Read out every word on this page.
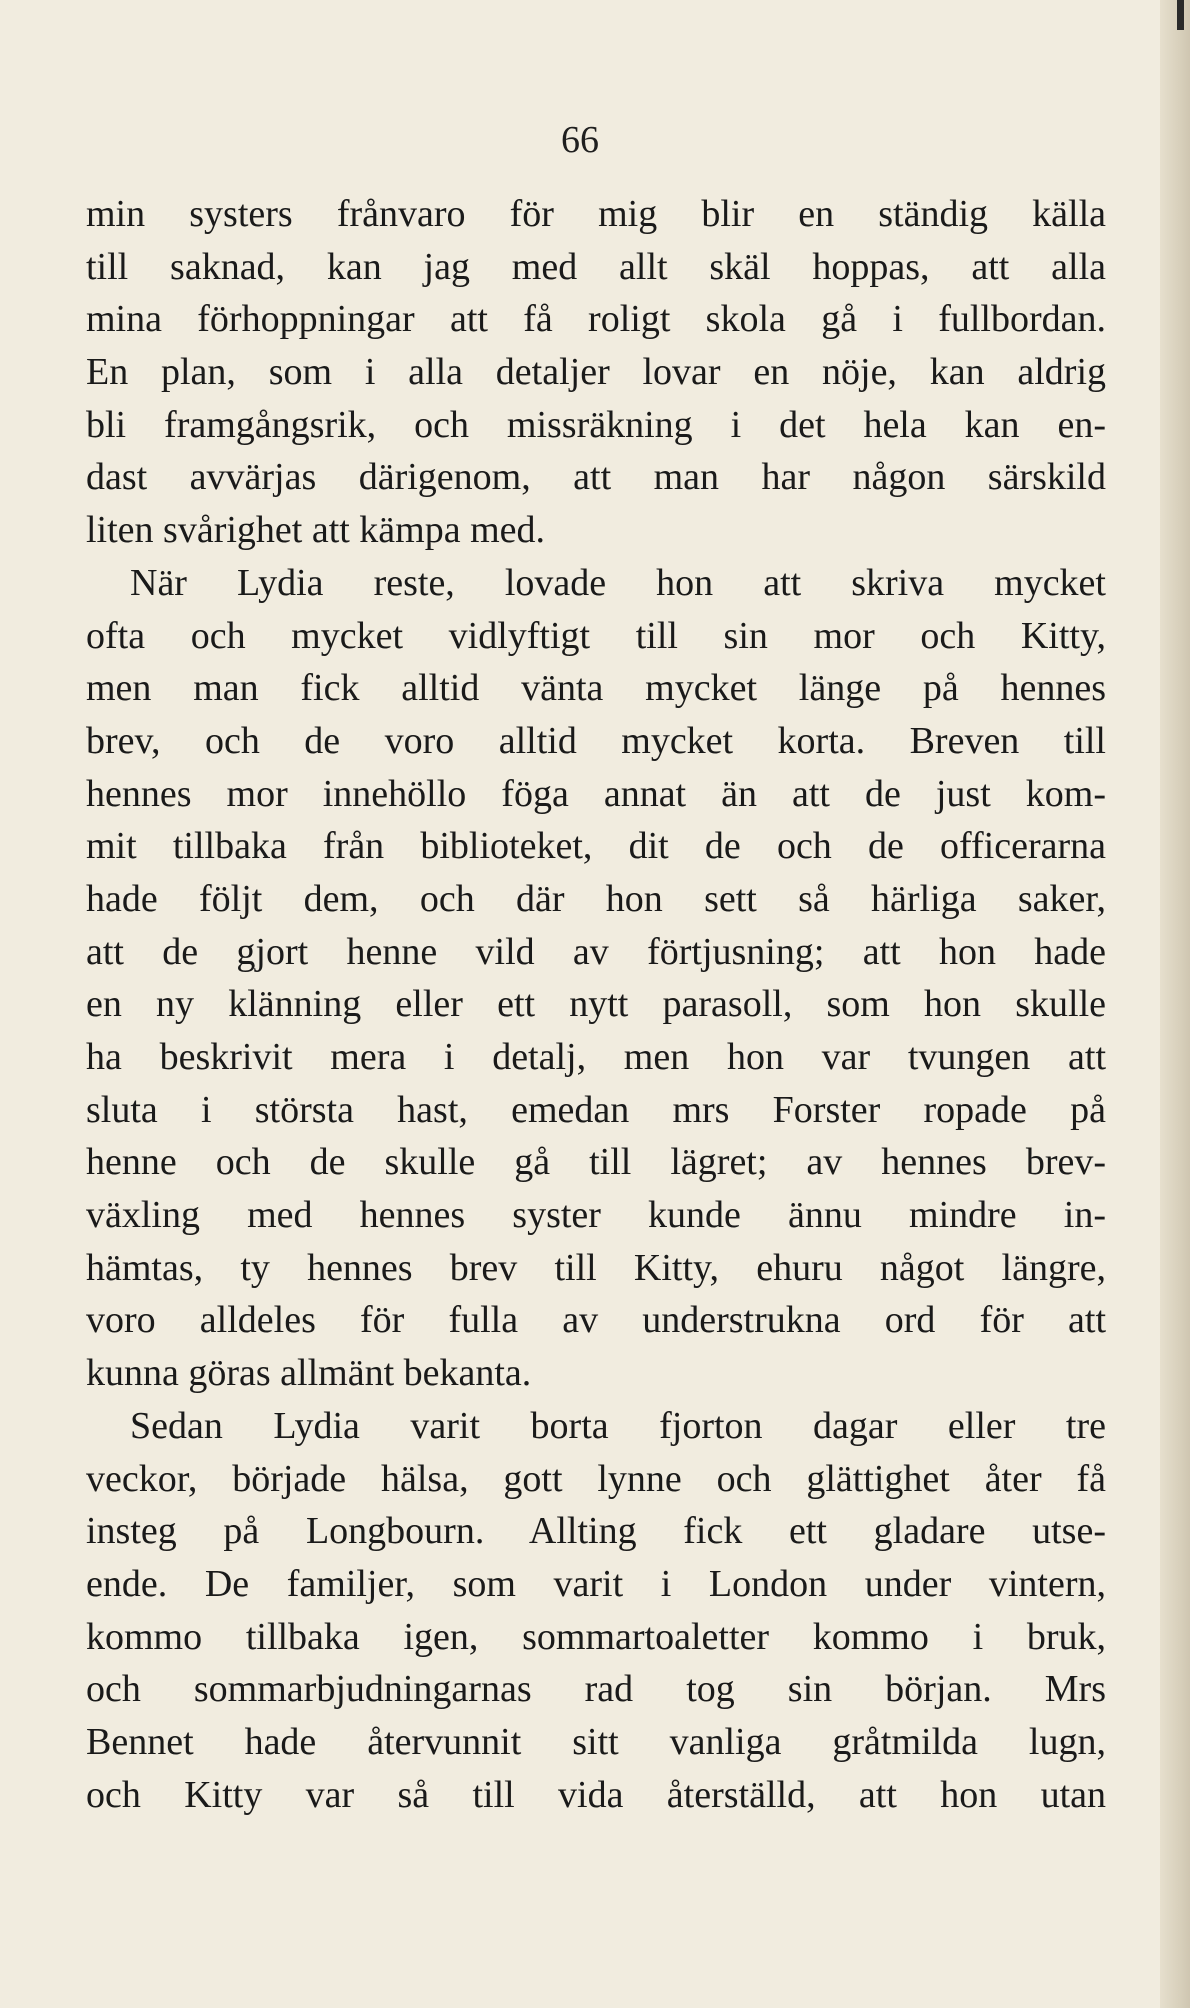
66
min systers frånvaro för mig blir en ständig källa
till saknad, kan jag med allt skäl hoppas, att alla
mina förhoppningar att få roligt skola gå i fullbordan.
En plan, som i alla detaljer lovar en nöje, kan aldrig
bli framgångsrik, och missräkning i det hela kan en-
dast avvärjas därigenom, att man har någon särskild
liten svårighet att kämpa med.
När Lydia reste, lovade hon att skriva mycket
ofta och mycket vidlyftigt till sin mor och Kitty,
men man fick alltid vänta mycket länge på hennes
brev, och de voro alltid mycket korta. Breven till
hennes mor innehöllo föga annat än att de just kom-
mit tillbaka från biblioteket, dit de och de officerarna
hade följt dem, och där hon sett så härliga saker,
att de gjort henne vild av förtjusning; att hon hade
en ny klänning eller ett nytt parasoll, som hon skulle
ha beskrivit mera i detalj, men hon var tvungen att
sluta i största hast, emedan mrs Forster ropade på
henne och de skulle gå till lägret; av hennes brev-
växling med hennes syster kunde ännu mindre in-
hämtas, ty hennes brev till Kitty, ehuru något längre,
voro alldeles för fulla av understrukna ord för att
kunna göras allmänt bekanta.
Sedan Lydia varit borta fjorton dagar eller tre
veckor, började hälsa, gott lynne och glättighet åter få
insteg på Longbourn. Allting fick ett gladare utse-
ende. De familjer, som varit i London under vintern,
kommo tillbaka igen, sommartoaletter kommo i bruk,
och sommarbjudningarnas rad tog sin början. Mrs
Bennet hade återvunnit sitt vanliga gråtmilda lugn,
och Kitty var så till vida återställd, att hon utan
